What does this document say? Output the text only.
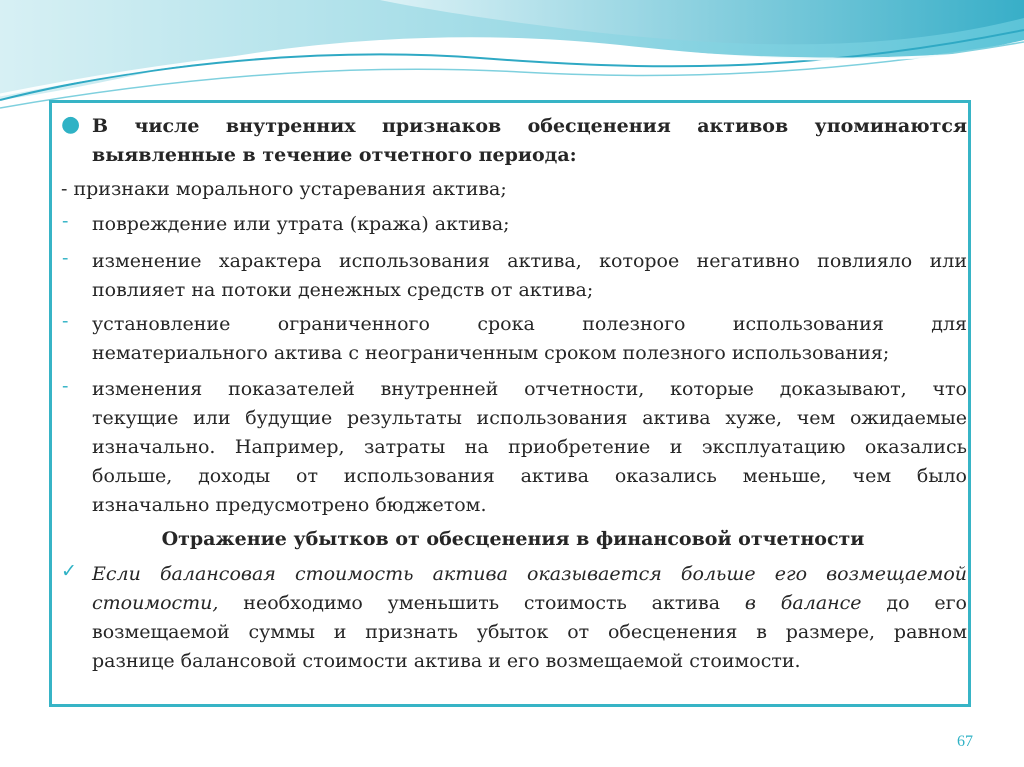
● В числе внутренних признаков обесценения активов упоминаются
выявленные в течение отчетного периода:
- признаки морального устаревания актива;
- повреждение или утрата (кража) актива;
- изменение характера использования актива, которое негативно повлияло или
повлияет на потоки денежных средств от актива;
- установление ограниченного срока полезного использования для
нематериального актива с неограниченным сроком полезного использования;
- изменения показателей внутренней отчетности, которые доказывают, что
текущие или будущие результаты использования актива хуже, чем ожидаемые
изначально. Например, затраты на приобретение и эксплуатацию оказались
больше, доходы от использования актива оказались меньше, чем было
изначально предусмотрено бюджетом.
Отражение убытков от обесценения в финансовой отчетности
✓ Если балансовая стоимость актива оказывается больше его возмещаемой
стоимости, необходимо уменьшить стоимость актива в балансе до его
возмещаемой суммы и признать убыток от обесценения в размере, равном
разнице балансовой стоимости актива и его возмещаемой стоимости.
67
